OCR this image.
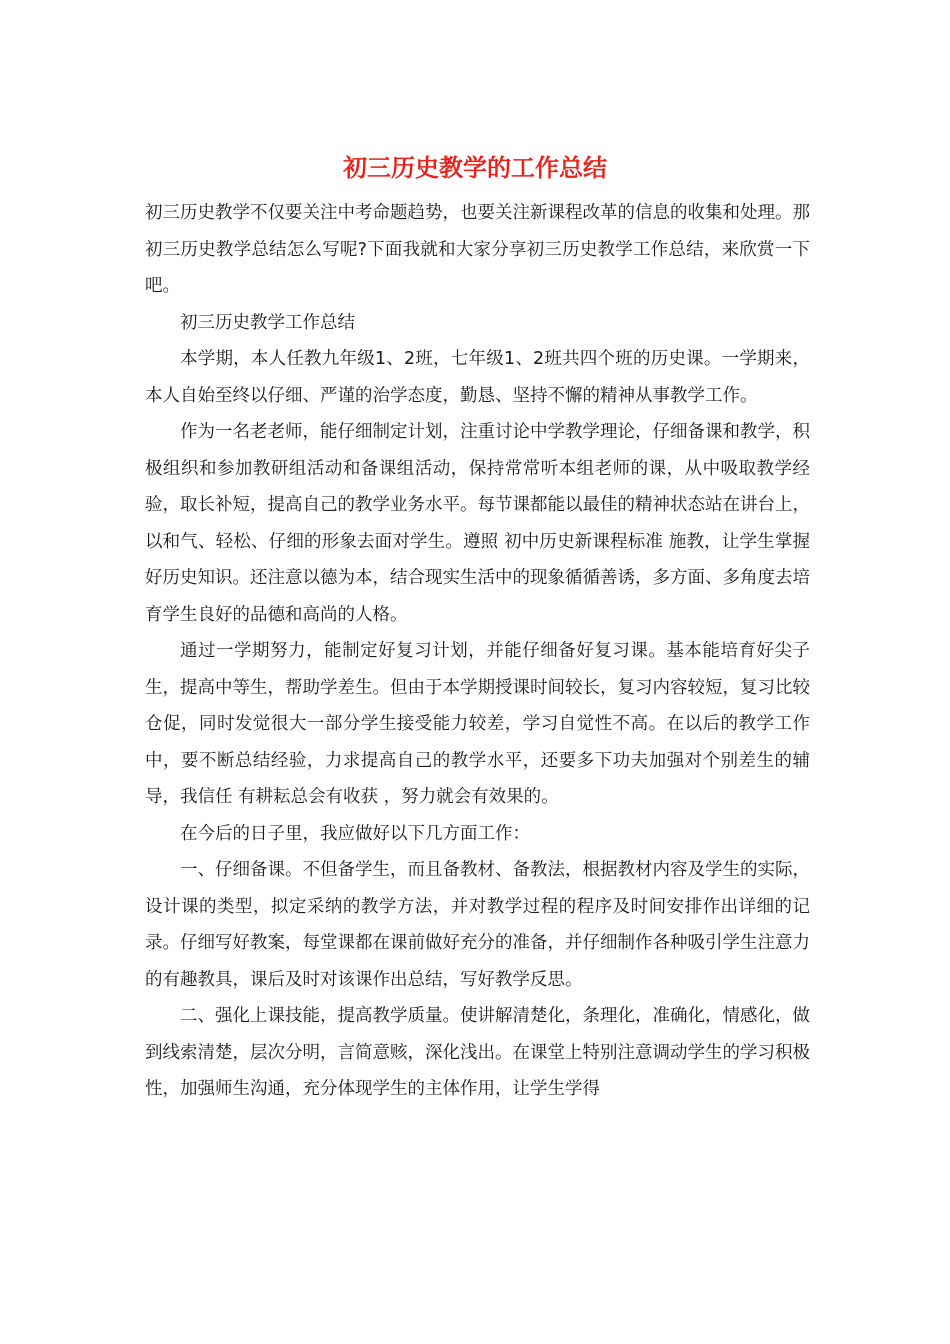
初三历史教学的工作总结

初三历史教学不仅要关注中考命题趋势，也要关注新课程改革的信息的收集和处理。那初三历史教学总结怎么写呢?下面我就和大家分享初三历史教学工作总结，来欣赏一下吧。

初三历史教学工作总结

本学期，本人任教九年级1、2班，七年级1、2班共四个班的历史课。一学期来，本人自始至终以仔细、严谨的治学态度，勤恳、坚持不懈的精神从事教学工作。

作为一名老老师，能仔细制定计划，注重讨论中学教学理论，仔细备课和教学，积极组织和参加教研组活动和备课组活动，保持常常听本组老师的课，从中吸取教学经验，取长补短，提高自己的教学业务水平。每节课都能以最佳的精神状态站在讲台上，以和气、轻松、仔细的形象去面对学生。遵照 初中历史新课程标准 施教，让学生掌握好历史知识。还注意以德为本，结合现实生活中的现象循循善诱，多方面、多角度去培育学生良好的品德和高尚的人格。

通过一学期努力，能制定好复习计划，并能仔细备好复习课。基本能培育好尖子生，提高中等生，帮助学差生。但由于本学期授课时间较长，复习内容较短，复习比较仓促，同时发觉很大一部分学生接受能力较差，学习自觉性不高。在以后的教学工作中，要不断总结经验，力求提高自己的教学水平，还要多下功夫加强对个别差生的辅导，我信任 有耕耘总会有收获 ，努力就会有效果的。

在今后的日子里，我应做好以下几方面工作：

一、仔细备课。不但备学生，而且备教材、备教法，根据教材内容及学生的实际，设计课的类型，拟定采纳的教学方法，并对教学过程的程序及时间安排作出详细的记录。仔细写好教案，每堂课都在课前做好充分的准备，并仔细制作各种吸引学生注意力的有趣教具，课后及时对该课作出总结，写好教学反思。

二、强化上课技能，提高教学质量。使讲解清楚化，条理化，准确化，情感化，做到线索清楚，层次分明，言简意赅，深化浅出。在课堂上特别注意调动学生的学习积极性，加强师生沟通，充分体现学生的主体作用，让学生学得
